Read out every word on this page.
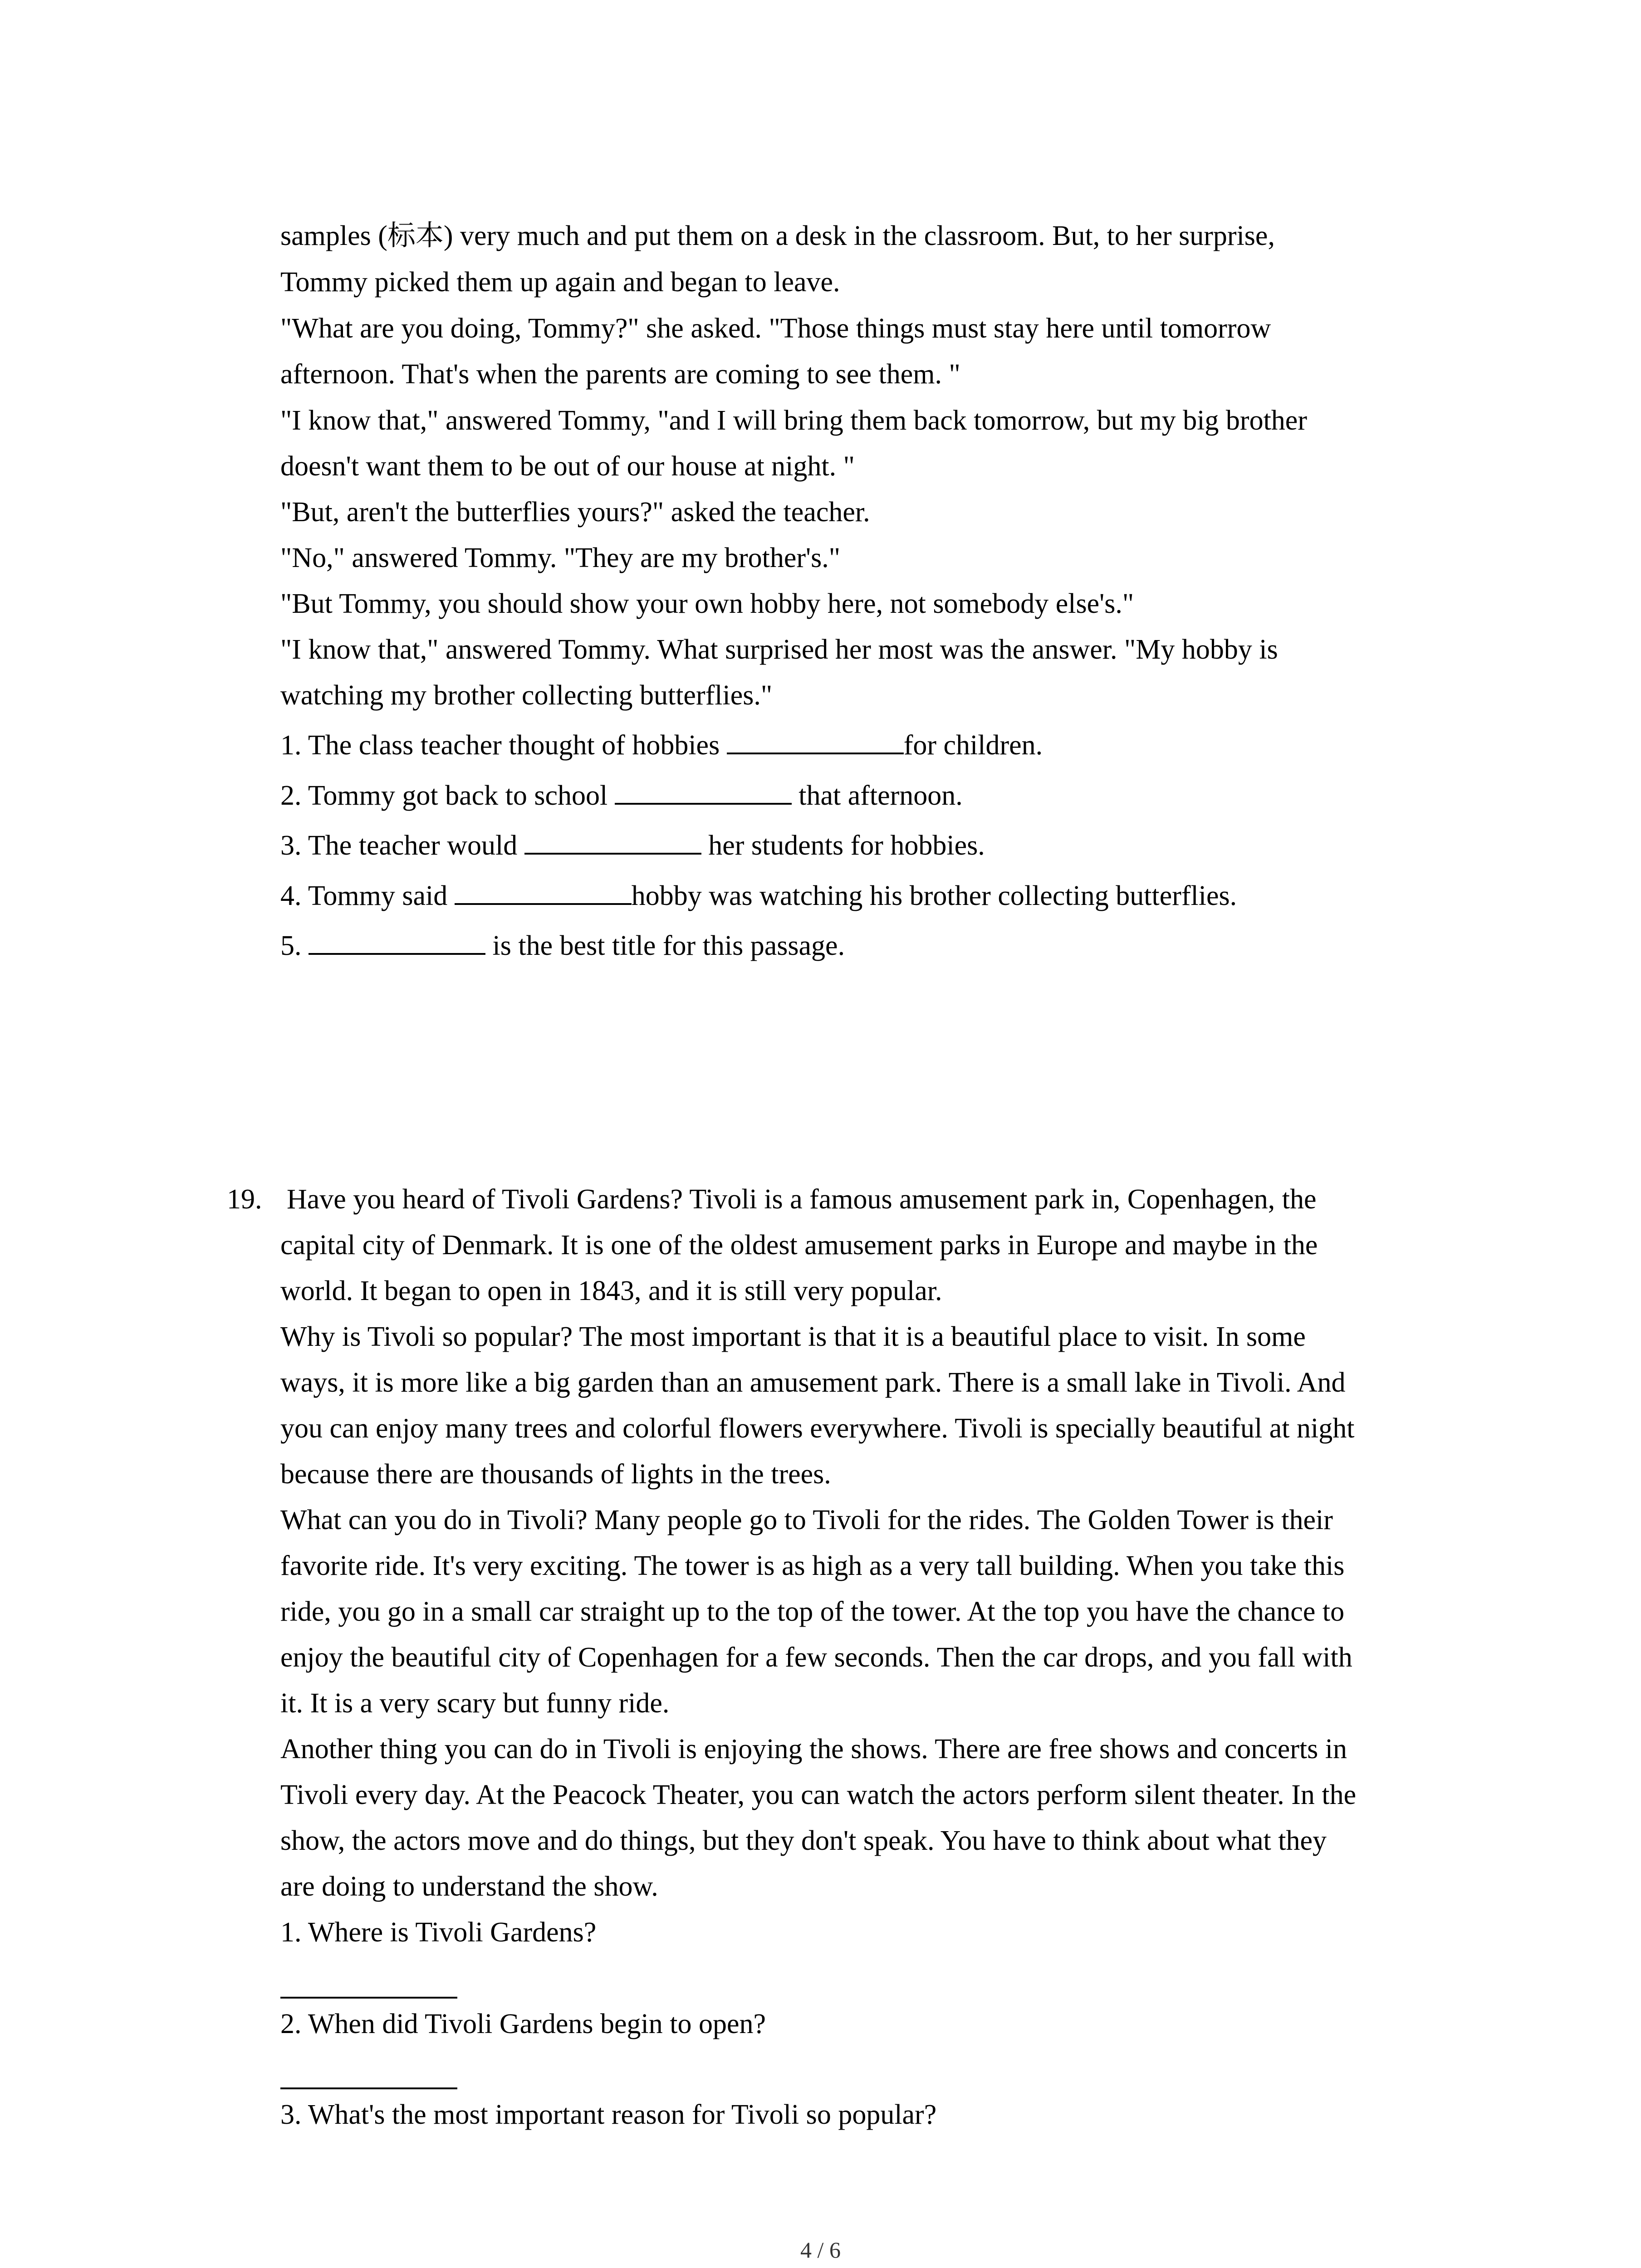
samples (标本) very much and put them on a desk in the classroom. But, to her surprise,
Tommy picked them up again and began to leave.
"What are you doing, Tommy?" she asked. "Those things must stay here until tomorrow
afternoon. That's when the parents are coming to see them. "
"I know that," answered Tommy, "and I will bring them back tomorrow, but my big brother
doesn't want them to be out of our house at night. "
"But, aren't the butterflies yours?" asked the teacher.
"No," answered Tommy. "They are my brother's."
"But Tommy, you should show your own hobby here, not somebody else's."
"I know that," answered Tommy. What surprised her most was the answer. "My hobby is
watching my brother collecting butterflies."
1. The class teacher thought of hobbies	for children.
2. Tommy got back to school	that afternoon.
3. The teacher would	her students for hobbies.
4. Tommy said	hobby was watching his brother collecting butterflies.
5.	is the best title for this passage.
19. Have you heard of Tivoli Gardens? Tivoli is a famous amusement park in, Copenhagen, the
capital city of Denmark. It is one of the oldest amusement parks in Europe and maybe in the
world. It began to open in 1843, and it is still very popular.
Why is Tivoli so popular? The most important is that it is a beautiful place to visit. In some
ways, it is more like a big garden than an amusement park. There is a small lake in Tivoli. And
you can enjoy many trees and colorful flowers everywhere. Tivoli is specially beautiful at night
because there are thousands of lights in the trees.
What can you do in Tivoli? Many people go to Tivoli for the rides. The Golden Tower is their
favorite ride. It's very exciting. The tower is as high as a very tall building. When you take this
ride, you go in a small car straight up to the top of the tower. At the top you have the chance to
enjoy the beautiful city of Copenhagen for a few seconds. Then the car drops, and you fall with
it. It is a very scary but funny ride.
Another thing you can do in Tivoli is enjoying the shows. There are free shows and concerts in
Tivoli every day. At the Peacock Theater, you can watch the actors perform silent theater. In the
show, the actors move and do things, but they don't speak. You have to think about what they
are doing to understand the show.
1. Where is Tivoli Gardens?
2. When did Tivoli Gardens begin to open?
3. What's the most important reason for Tivoli so popular?
4 / 6
